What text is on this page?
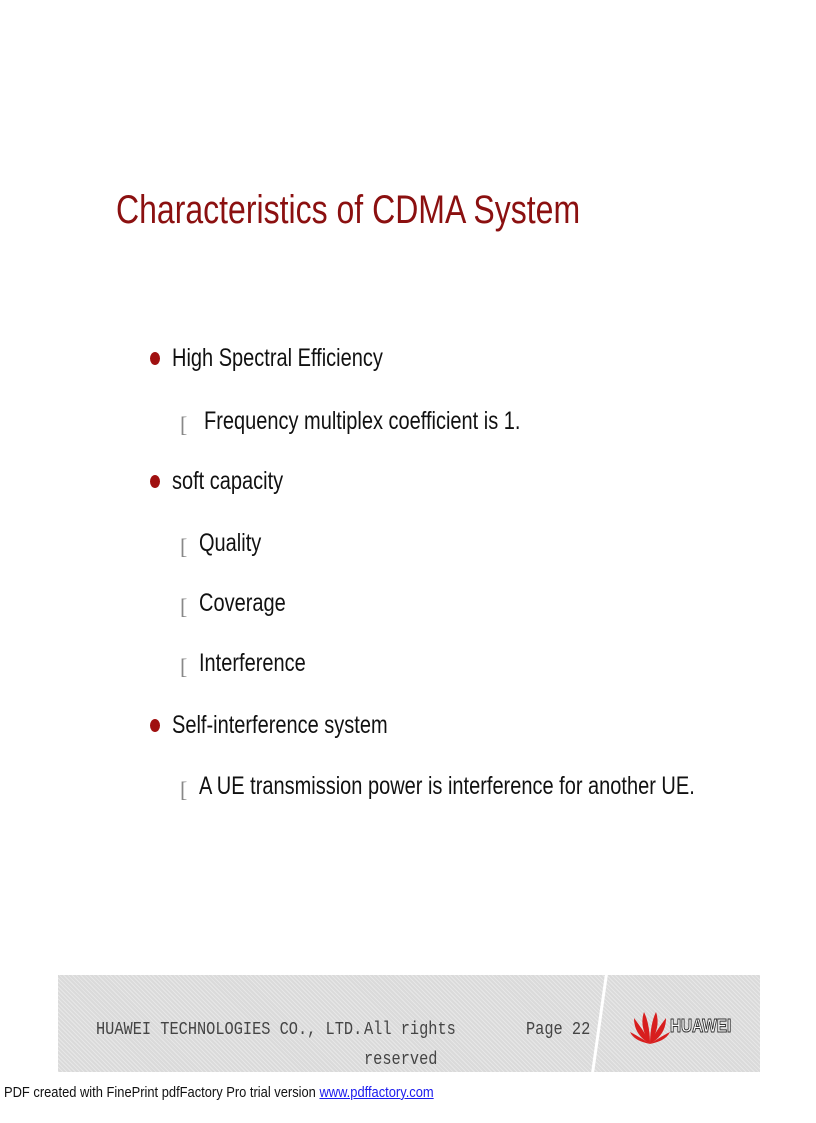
Characteristics of CDMA System
High Spectral Efficiency
[ Frequency multiplex coefficient is 1.
soft capacity
[ Quality
[ Coverage
[ Interference
Self-interference system
[ A UE transmission power is interference for another UE.
HUAWEI TECHNOLOGIES CO., LTD. All rights
reserved
Page 22	HUAWEI
PDF created with FinePrint pdfFactory Pro trial version www.pdffactory.com
